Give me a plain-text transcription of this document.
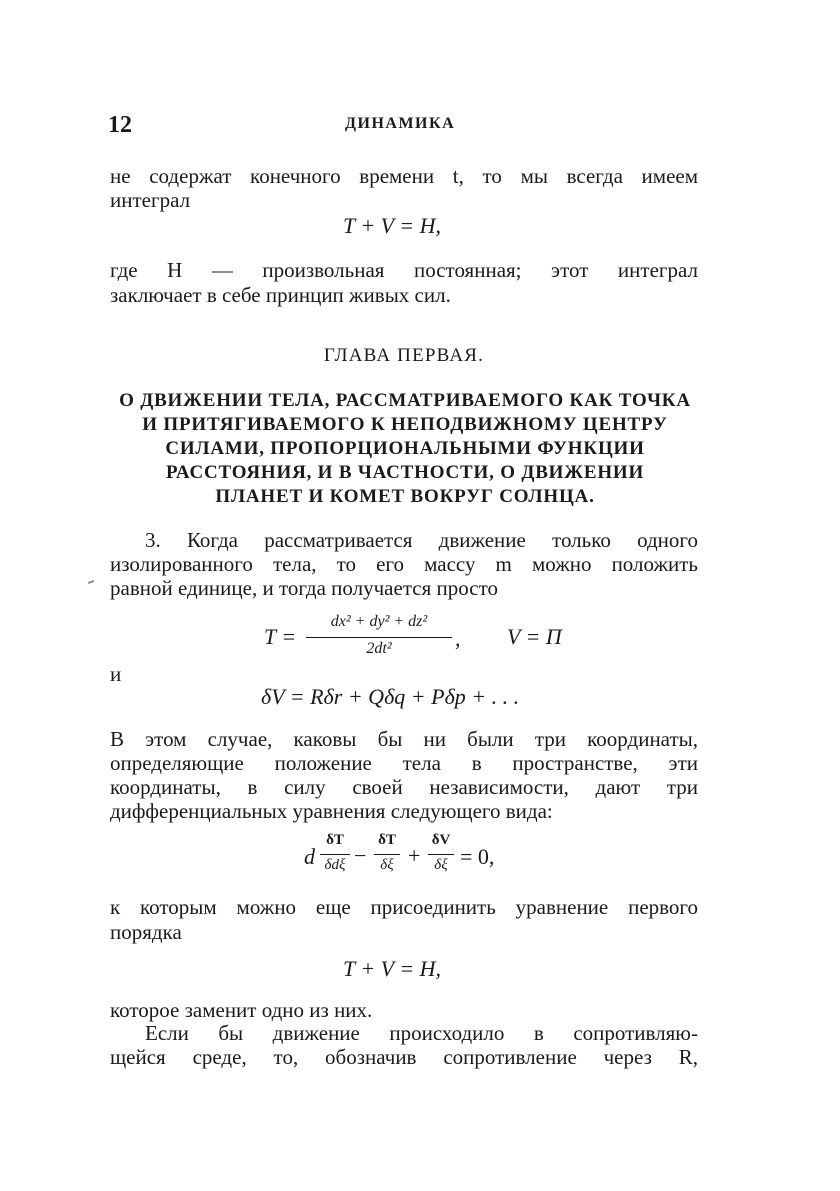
12	ДИНАМИКА
не содержат конечного времени t, то мы всегда имеем
интеграл
T + V = H,
где H — произвольная постоянная; этот интеграл
заключает в себе принцип живых сил.
ГЛАВА ПЕРВАЯ.
О ДВИЖЕНИИ ТЕЛА, РАССМАТРИВАЕМОГО КАК ТОЧКА
И ПРИТЯГИВАЕМОГО К НЕПОДВИЖНОМУ ЦЕНТРУ
СИЛАМИ, ПРОПОРЦИОНАЛЬНЫМИ ФУНКЦИИ
РАССТОЯНИЯ, И В ЧАСТНОСТИ, О ДВИЖЕНИИ
ПЛАНЕТ И КОМЕТ ВОКРУГ СОЛНЦА.
3. Когда рассматривается движение только одного
изолированного тела, то его массу m можно положить
равной единице, и тогда получается просто
T =
dx² + dy² + dz²
2dt²	, V = Π
и
δV = Rδr + Qδq + Pδp + . . .
В этом случае, каковы бы ни были три координаты,
определяющие положение тела в пространстве, эти
координаты, в силу своей независимости, дают три
дифференциальных уравнения следующего вида:
d
δT
δdξ −
δT
δξ +
δV
δξ = 0,
к которым можно еще присоединить уравнение первого
порядка
T + V = H,
которое заменит одно из них.
Если бы движение происходило в сопротивляю-
щейся среде, то, обозначив сопротивление через R,
